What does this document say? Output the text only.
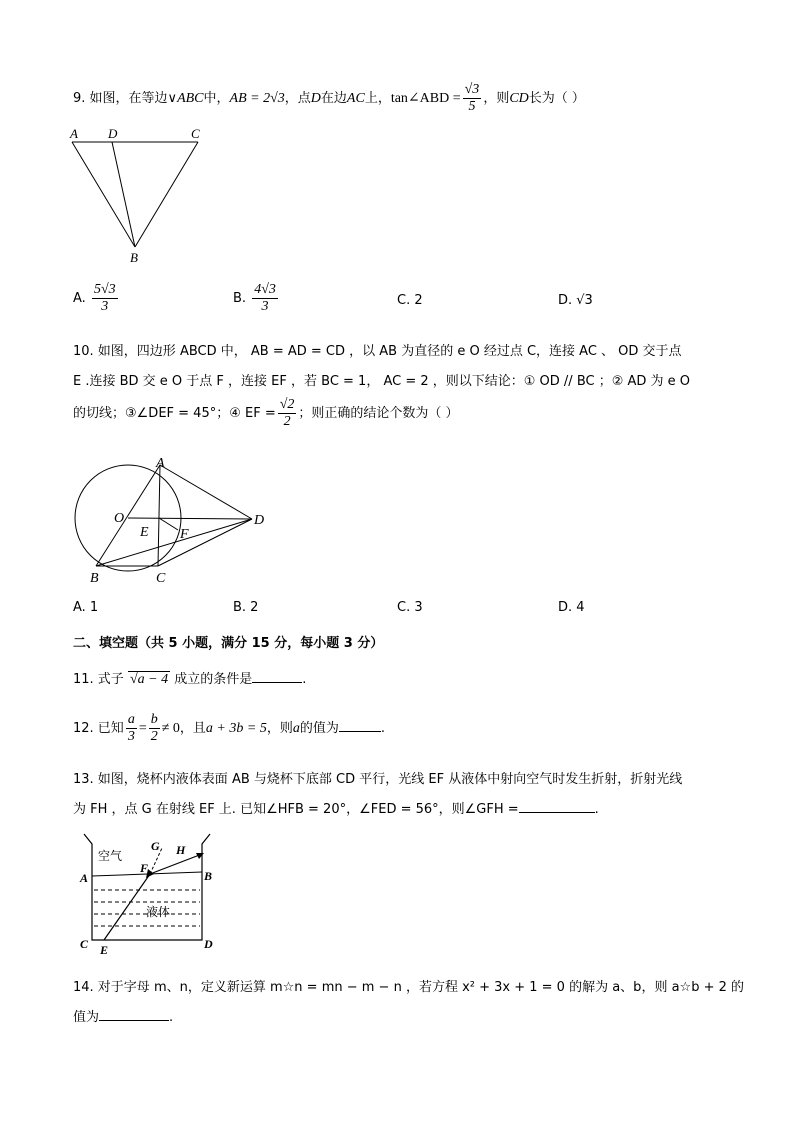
9. 如图，在等边∨ABC中，AB = 2√3，点D在边AC上，tan∠ABD = $\frac{√3}{5}$ ，则CD长为（ ）
A D	C
B
A. $\frac{5√3}{3}$	B. $\frac{4√3}{3}$	C. 2	D. √3
10. 如图，四边形 ABCD 中， AB = AD = CD ，以 AB 为直径的 e O 经过点 C，连接 AC 、 OD 交于点
E .连接 BD 交 e O 于点 F ，连接 EF ，若 BC = 1， AC = 2 ，则以下结论：① OD // BC ；② AD 为 e O
的切线；③∠DEF = 45°；④ EF = $\frac{√2}{2}$ ；则正确的结论个数为（ ）
A
O
E F
D
B	C
A. 1	B. 2	C. 3	D. 4
二、填空题（共 5 小题，满分 15 分，每小题 3 分）
11. 式子 √a − 4 成立的条件是	.
12. 已知 $\frac{a}{3} = \frac{b}{2} \ne 0$，且a + 3b = 5，则a的值为	.
13. 如图，烧杯内液体表面 AB 与烧杯下底部 CD 平行，光线 EF 从液体中射向空气时发生折射，折射光线
为 FH ，点 G 在射线 EF 上. 已知∠HFB = 20°，∠FED = 56°，则∠GFH =	.
空气
液体
G H
F
A	B
C E	D
14. 对于字母 m、n，定义新运算 m☆n = mn − m − n ，若方程 x² + 3x + 1 = 0 的解为 a、b，则 a☆b + 2 的
值为	.
